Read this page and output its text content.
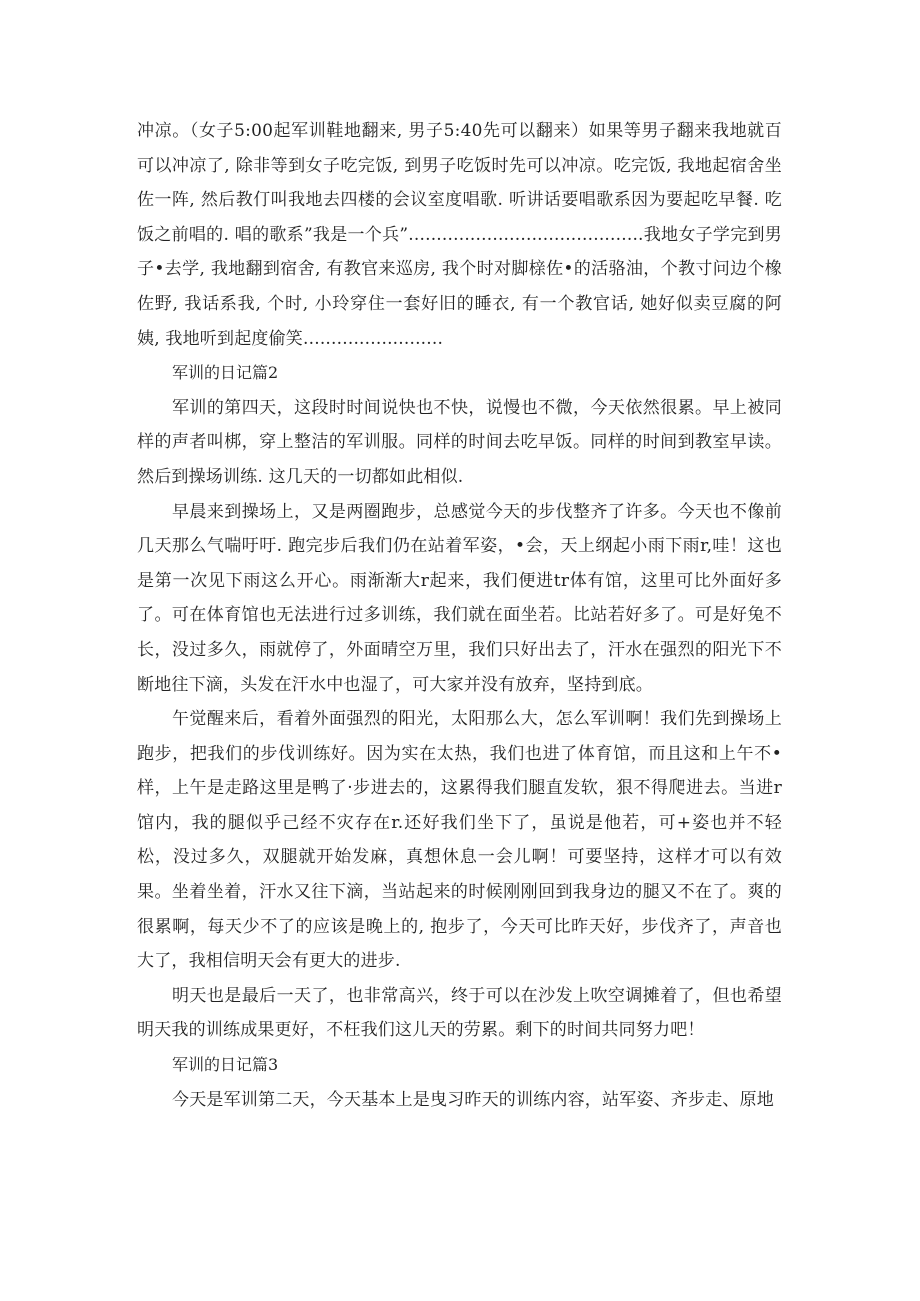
冲凉。（女子5:00起军训鞋地翻来, 男子5:40先可以翻来）如果等男子翻来我地就百可以冲凉了, 除非等到女子吃完饭, 到男子吃饭时先可以冲凉。吃完饭, 我地起宿舍坐佐一阵, 然后教仃叫我地去四楼的会议室度唱歌. 听讲话要唱歌系因为要起吃早餐. 吃饭之前唱的. 唱的歌系”我是一个兵”..........................................我地女子学完到男子•去学, 我地翻到宿舍, 有教官来巡房, 我个时对脚榇佐•的活骆油，个教寸问边个橡佐野, 我话系我, 个时, 小玲穿住一套好旧的睡衣, 有一个教官话, 她好似卖豆腐的阿姨, 我地听到起度偷笑.........................

军训的日记篇2

军训的第四天，这段时时间说快也不快，说慢也不微，今天依然很累。早上被同样的声者叫梆，穿上整洁的军训服。同样的时间去吃早饭。同样的时间到教室早读。然后到操场训练. 这几天的一切都如此相似.

早晨来到操场上，又是两圈跑步，总感觉今天的步伐整齐了许多。今天也不像前几天那么气喘吁吁. 跑完步后我们仍在站着军姿，•会，天上纲起小雨下雨r,哇！这也是第一次见下雨这么开心。雨渐渐大r起来，我们便进tr体有馆，这里可比外面好多了。可在体育馆也无法进行过多训练，我们就在面坐若。比站若好多了。可是好兔不长，没过多久，雨就停了，外面晴空万里，我们只好出去了，汗水在强烈的阳光下不断地往下滴，头发在汗水中也湿了，可大家并没有放弃，坚持到底。

午觉醒来后，看着外面强烈的阳光，太阳那么大，怎么军训啊！我们先到操场上跑步，把我们的步伐训练好。因为实在太热，我们也进了体育馆，而且这和上午不•样，上午是走路这里是鸭了·步进去的，这累得我们腿直发软，狠不得爬进去。当进r馆内，我的腿似乎己经不灾存在r.还好我们坐下了，虽说是他若，可+姿也并不轻松，没过多久，双腿就开始发麻，真想休息一会儿啊！可要坚持，这样才可以有效果。坐着坐着，汗水又往下滴，当站起来的时候刚刚回到我身边的腿又不在了。爽的很累啊，每天少不了的应该是晚上的, 抱步了，今天可比昨天好，步伐齐了，声音也大了，我相信明天会有更大的进步.

明天也是最后一天了，也非常高兴，终于可以在沙发上吹空调摊着了，但也希望明天我的训练成果更好，不枉我们这儿天的劳累。剩下的时间共同努力吧！

军训的日记篇3

今天是军训第二天，今天基本上是曳习昨天的训练内容，站军姿、齐步走、原地
